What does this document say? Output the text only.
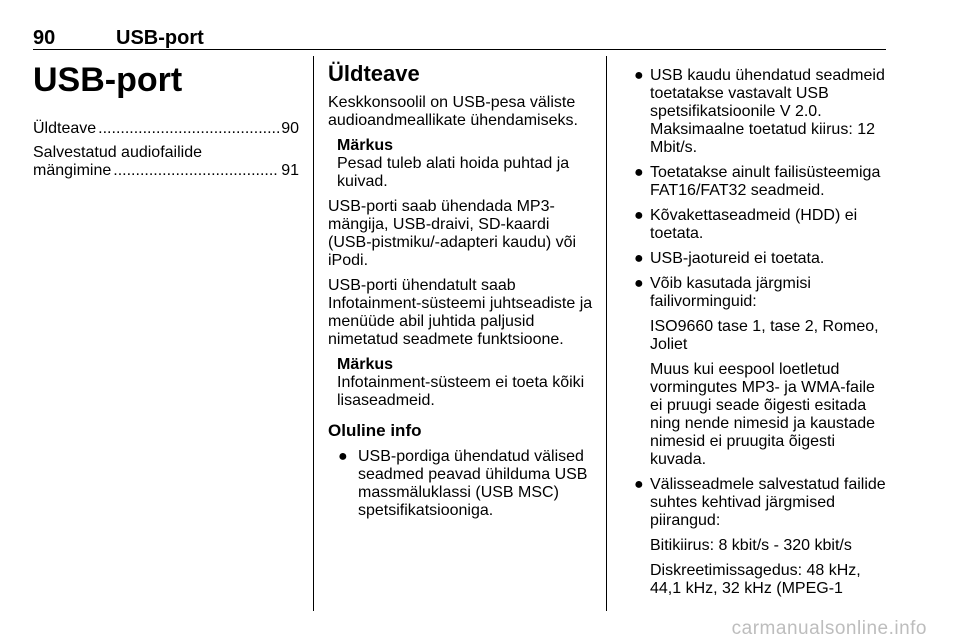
90	USB-port
USB-port
Üldteave .....	90
Salvestatud audiofailide
mängimine .....	91
Üldteave

Keskkonsoolil on USB-pesa väliste audioandmeallikate ühendamiseks.

Märkus
Pesad tuleb alati hoida puhtad ja kuivad.

USB-porti saab ühendada MP3-mängija, USB-draivi, SD-kaardi (USB-pistmiku/-adapteri kaudu) või iPodi.

USB-porti ühendatult saab Infotainment-süsteemi juhtseadiste ja menüüde abil juhtida paljusid nimetatud seadmete funktsioone.

Märkus
Infotainment-süsteem ei toeta kõiki lisaseadmeid.
Oluline info
● USB-pordiga ühendatud välised seadmed peavad ühilduma USB massmäluklassi (USB MSC) spetsifikatsiooniga.

● USB kaudu ühendatud seadmeid toetatakse vastavalt USB spetsifikatsioonile V 2.0. Maksimaalne toetatud kiirus: 12 Mbit/s.

● Toetatakse ainult failisüsteemiga FAT16/FAT32 seadmeid.

● Kõvakettaseadmeid (HDD) ei toetata.

● USB-jaotureid ei toetata.

● Võib kasutada järgmisi failivorminguid:

ISO9660 tase 1, tase 2, Romeo, Joliet

Muus kui eespool loetletud vormingutes MP3- ja WMA-faile ei pruugi seade õigesti esitada ning nende nimesid ja kaustade nimesid ei pruugita õigesti kuvada.

● Välisseadmele salvestatud failide suhtes kehtivad järgmised piirangud:

Bitikiirus: 8 kbit/s - 320 kbit/s

Diskreetimissagedus: 48 kHz, 44,1 kHz, 32 kHz (MPEG-1

carmanualsonline.info
